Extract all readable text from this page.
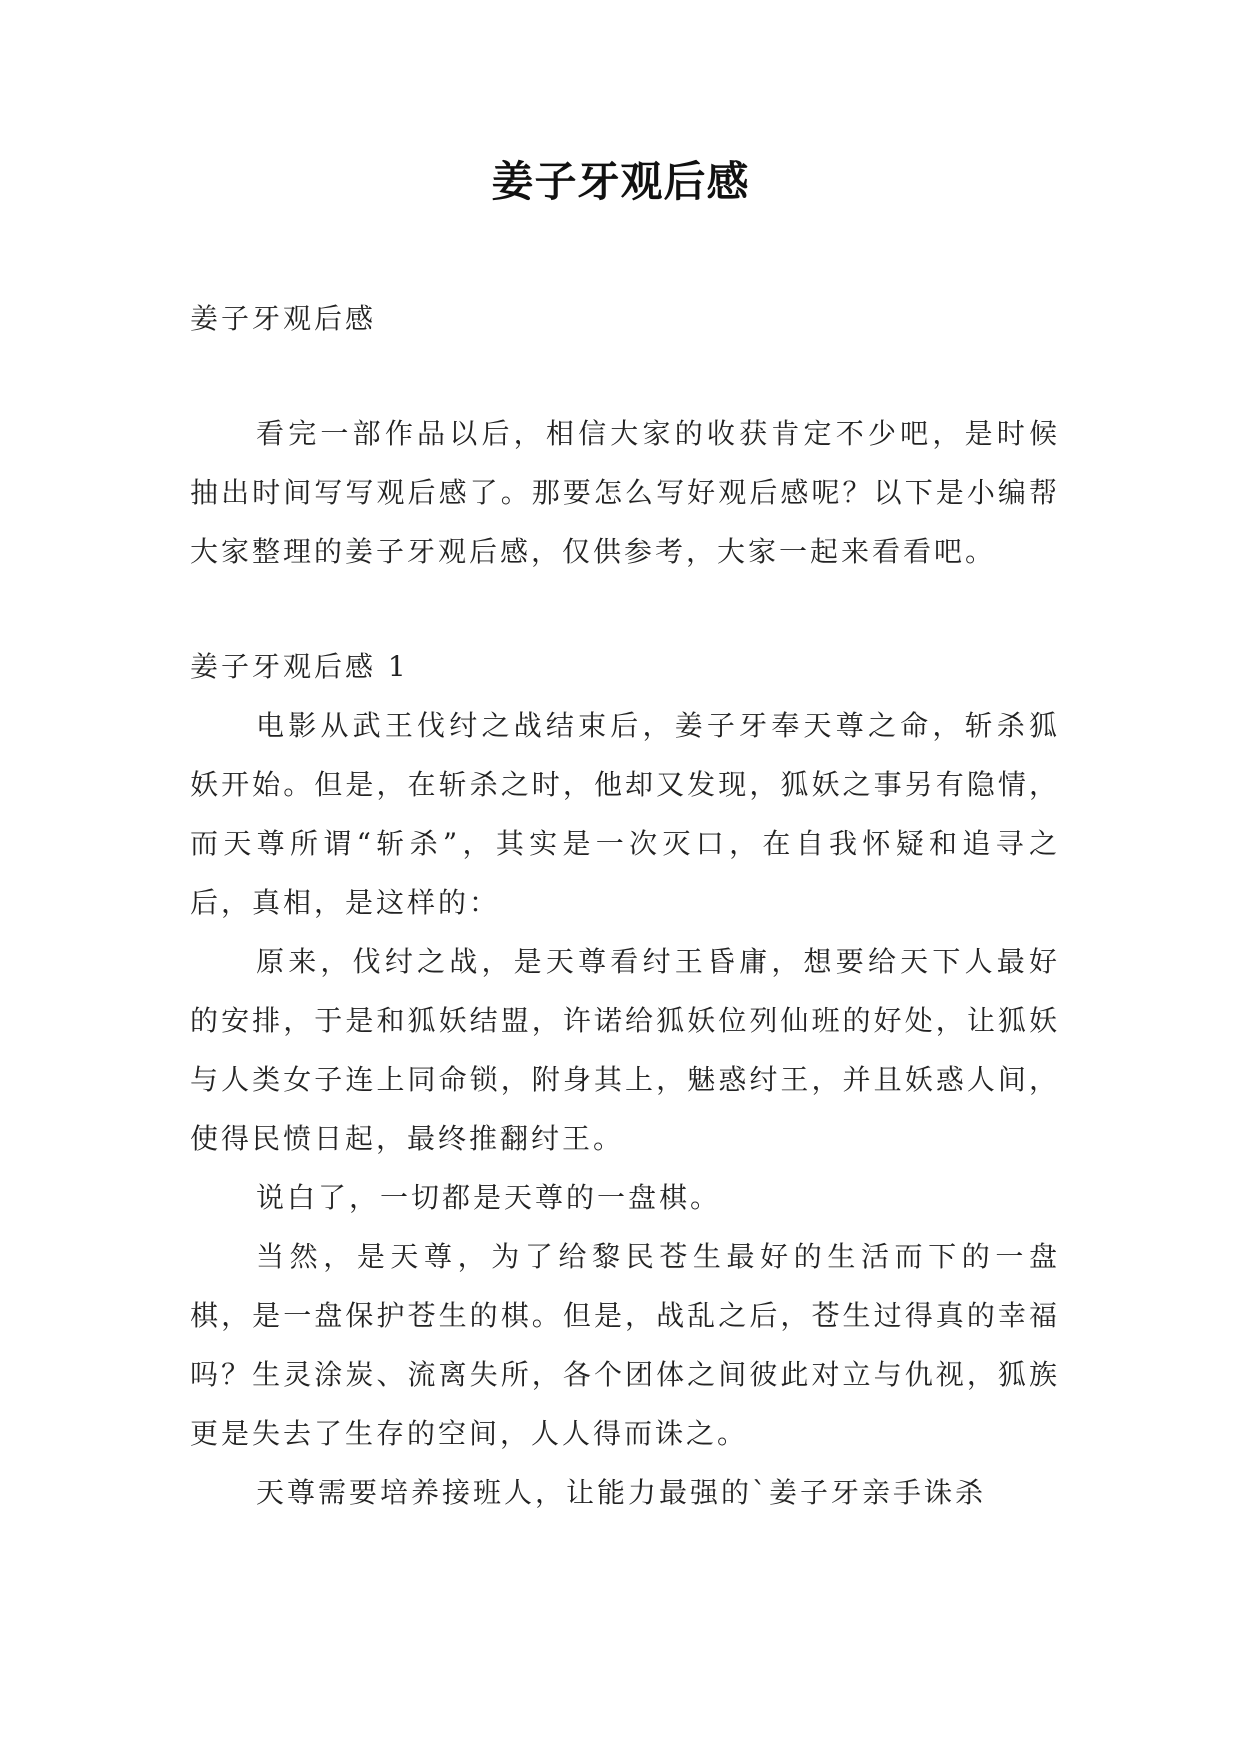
姜子牙观后感

姜子牙观后感

看完一部作品以后，相信大家的收获肯定不少吧，是时候抽出时间写写观后感了。那要怎么写好观后感呢？以下是小编帮大家整理的姜子牙观后感，仅供参考，大家一起来看看吧。

姜子牙观后感 1

电影从武王伐纣之战结束后，姜子牙奉天尊之命，斩杀狐妖开始。但是，在斩杀之时，他却又发现，狐妖之事另有隐情，而天尊所谓“斩杀”，其实是一次灭口，在自我怀疑和追寻之后，真相，是这样的：

原来，伐纣之战，是天尊看纣王昏庸，想要给天下人最好的安排，于是和狐妖结盟，许诺给狐妖位列仙班的好处，让狐妖与人类女子连上同命锁，附身其上，魅惑纣王，并且妖惑人间，使得民愤日起，最终推翻纣王。

说白了，一切都是天尊的一盘棋。

当然，是天尊，为了给黎民苍生最好的生活而下的一盘棋，是一盘保护苍生的棋。但是，战乱之后，苍生过得真的幸福吗？生灵涂炭、流离失所，各个团体之间彼此对立与仇视，狐族更是失去了生存的空间，人人得而诛之。

天尊需要培养接班人，让能力最强的`姜子牙亲手诛杀
